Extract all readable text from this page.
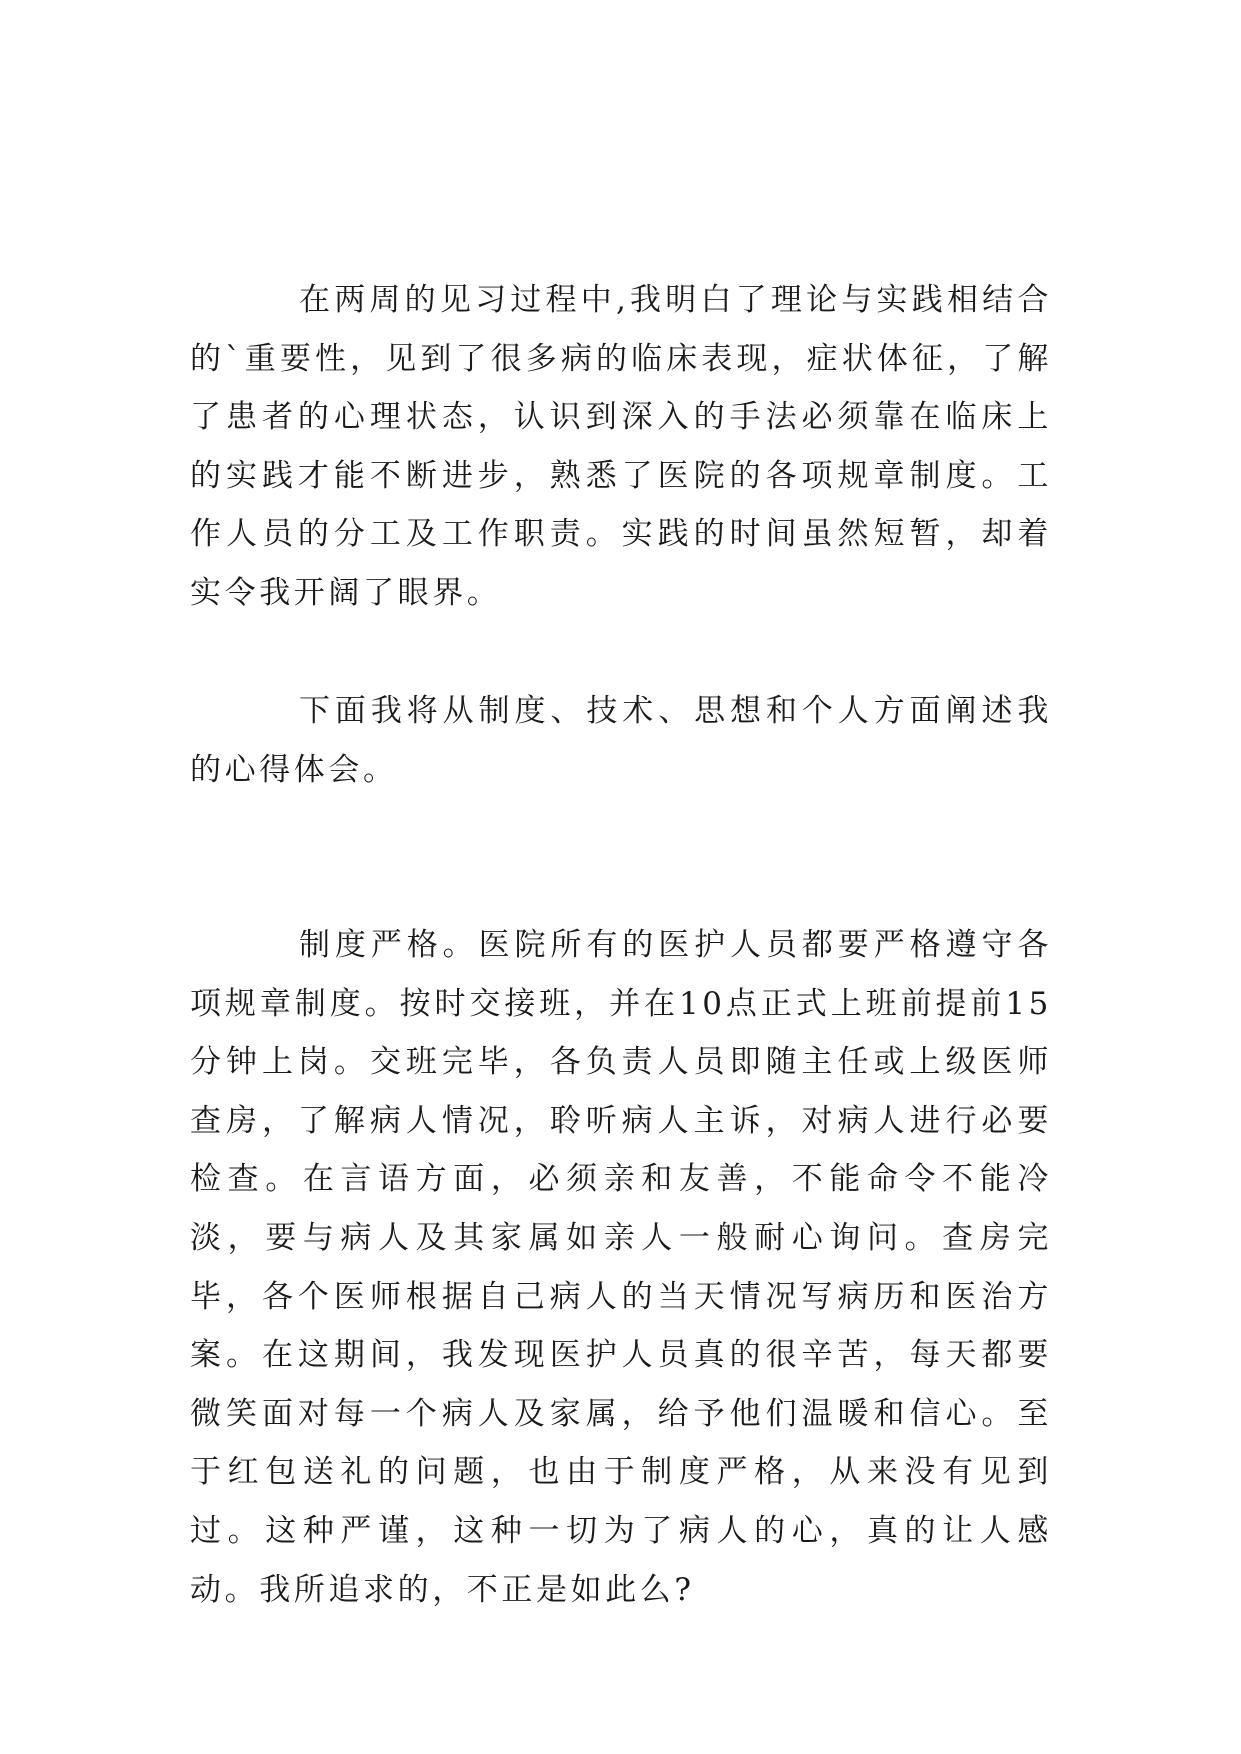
在两周的见习过程中,我明白了理论与实践相结合的`重要性，见到了很多病的临床表现，症状体征，了解了患者的心理状态，认识到深入的手法必须靠在临床上的实践才能不断进步，熟悉了医院的各项规章制度。工作人员的分工及工作职责。实践的时间虽然短暂，却着实令我开阔了眼界。

下面我将从制度、技术、思想和个人方面阐述我的心得体会。

制度严格。医院所有的医护人员都要严格遵守各项规章制度。按时交接班，并在10点正式上班前提前15分钟上岗。交班完毕，各负责人员即随主任或上级医师查房，了解病人情况，聆听病人主诉，对病人进行必要检查。在言语方面，必须亲和友善，不能命令不能冷淡，要与病人及其家属如亲人一般耐心询问。查房完毕，各个医师根据自己病人的当天情况写病历和医治方案。在这期间，我发现医护人员真的很辛苦，每天都要微笑面对每一个病人及家属，给予他们温暖和信心。至于红包送礼的问题，也由于制度严格，从来没有见到过。这种严谨，这种一切为了病人的心，真的让人感动。我所追求的，不正是如此么?
